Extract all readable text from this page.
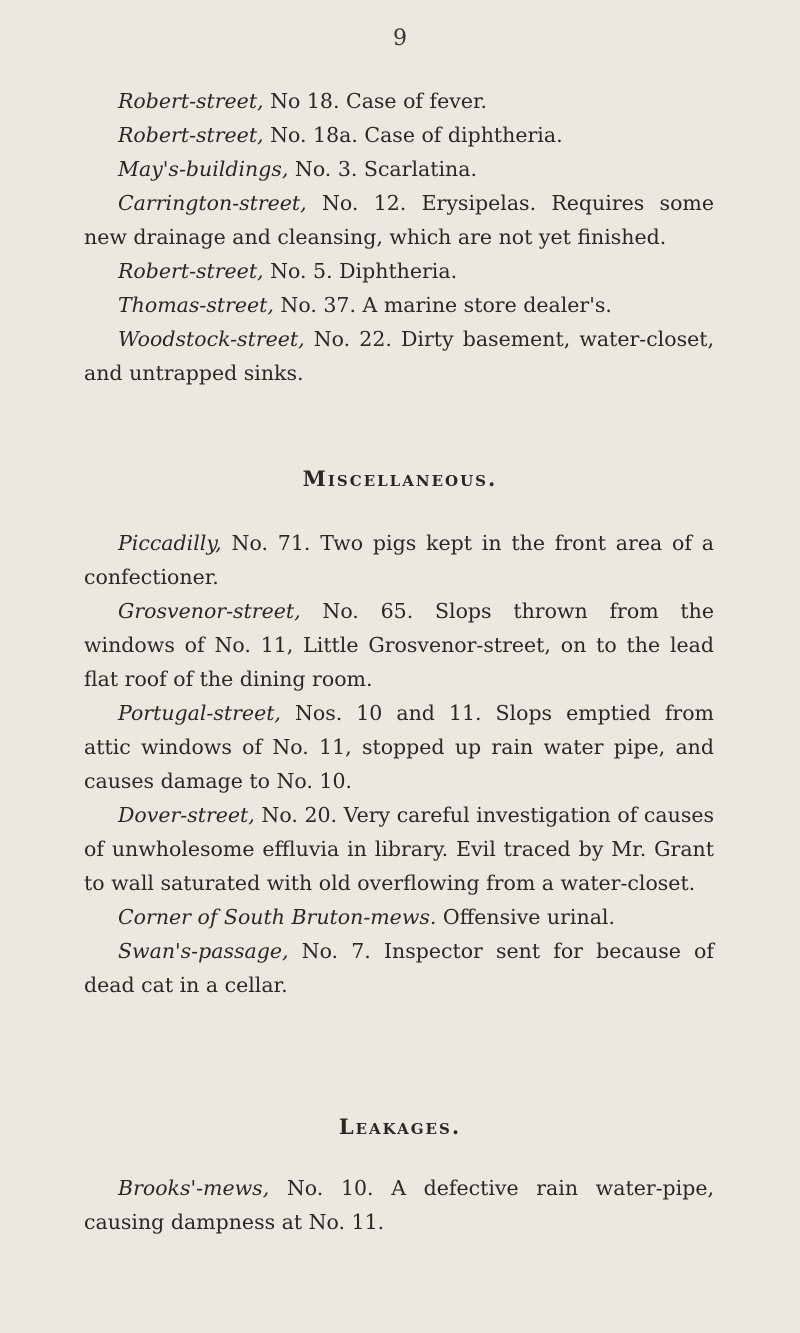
9

Robert-street, No 18. Case of fever.

Robert-street, No. 18a. Case of diphtheria.

May's-buildings, No. 3. Scarlatina.

Carrington-street, No. 12. Erysipelas. Requires some new drainage and cleansing, which are not yet finished.

Robert-street, No. 5. Diphtheria.

Thomas-street, No. 37. A marine store dealer's.

Woodstock-street, No. 22. Dirty basement, water-closet, and untrapped sinks.

Miscellaneous.

Piccadilly, No. 71. Two pigs kept in the front area of a confectioner.

Grosvenor-street, No. 65. Slops thrown from the windows of No. 11, Little Grosvenor-street, on to the lead flat roof of the dining room.

Portugal-street, Nos. 10 and 11. Slops emptied from attic windows of No. 11, stopped up rain water pipe, and causes damage to No. 10.

Dover-street, No. 20. Very careful investigation of causes of unwholesome effluvia in library. Evil traced by Mr. Grant to wall saturated with old overflowing from a water-closet.

Corner of South Bruton-mews. Offensive urinal.

Swan's-passage, No. 7. Inspector sent for because of dead cat in a cellar.

Leakages.

Brooks'-mews, No. 10. A defective rain water-pipe, causing dampness at No. 11.
